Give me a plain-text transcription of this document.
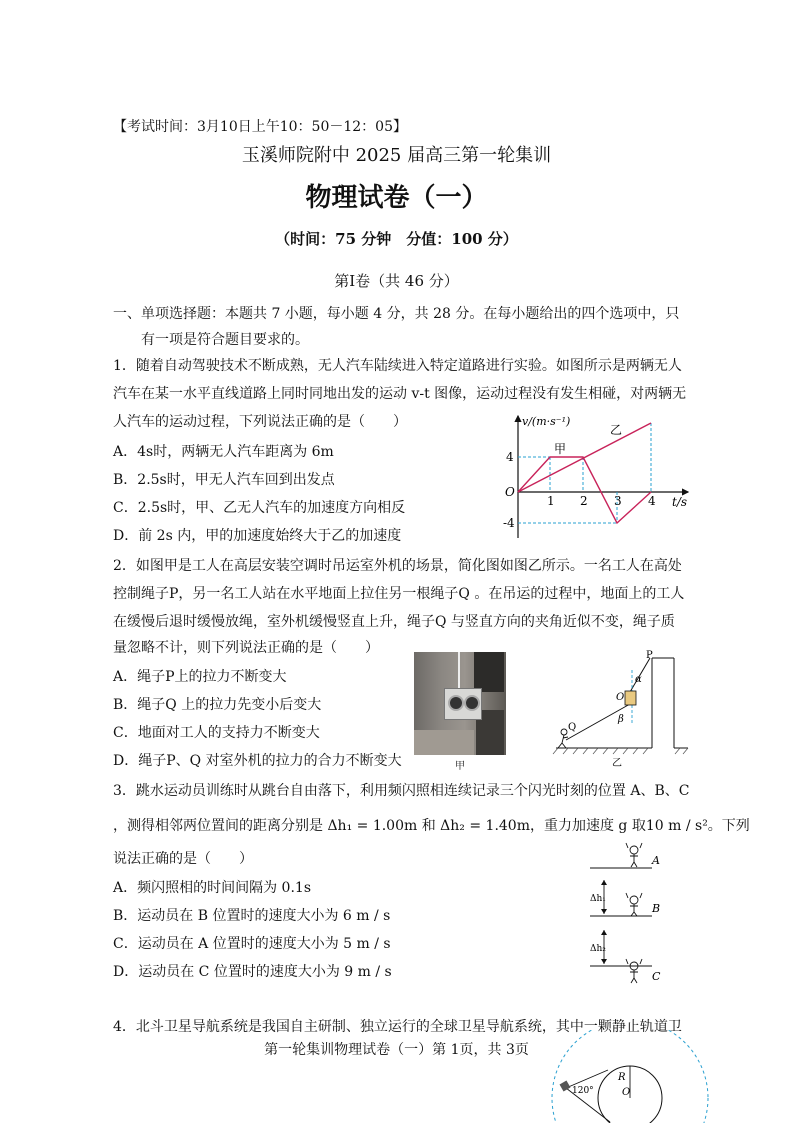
【考试时间：3月10日上午10：50－12：05】
玉溪师院附中 2025 届高三第一轮集训
物理试卷（一）
（时间：75 分钟　分值：100 分）
第Ⅰ卷（共 46 分）
一、单项选择题：本题共 7 小题，每小题 4 分，共 28 分。在每小题给出的四个选项中，只
有一项是符合题目要求的。
1．随着自动驾驶技术不断成熟，无人汽车陆续进入特定道路进行实验。如图所示是两辆无人
汽车在某一水平直线道路上同时同地出发的运动 v-t 图像，运动过程没有发生相碰，对两辆无
人汽车的运动过程，下列说法正确的是（　　）
A．4s时，两辆无人汽车距离为 6m
B．2.5s时，甲无人汽车回到出发点
C．2.5s时，甲、乙无人汽车的加速度方向相反
D．前 2s 内，甲的加速度始终大于乙的加速度
v/(m·s⁻¹)
t/s
O
4
-4
1 2 3 4
甲
乙
2．如图甲是工人在高层安装空调时吊运室外机的场景，简化图如图乙所示。一名工人在高处
控制绳子P，另一名工人站在水平地面上拉住另一根绳子Q 。在吊运的过程中，地面上的工人
在缓慢后退时缓慢放绳，室外机缓慢竖直上升，绳子Q 与竖直方向的夹角近似不变，绳子质
量忽略不计，则下列说法正确的是（　　）
A．绳子P上的拉力不断变大
B．绳子Q 上的拉力先变小后变大
C．地面对工人的支持力不断变大
D．绳子P、Q 对室外机的拉力的合力不断变大	甲
P
Q
O
α
β
乙
3．跳水运动员训练时从跳台自由落下，利用频闪照相连续记录三个闪光时刻的位置 A、B、C
，测得相邻两位置间的距离分别是 Δh₁ = 1.00m 和 Δh₂ = 1.40m，重力加速度 g 取10 m / s²。下列
说法正确的是（　　）
A．频闪照相的时间间隔为 0.1s
B．运动员在 B 位置时的速度大小为 6 m / s
C．运动员在 A 位置时的速度大小为 5 m / s
D．运动员在 C 位置时的速度大小为 9 m / s
A
B
C
Δh₁
Δh₂
4．北斗卫星导航系统是我国自主研制、独立运行的全球卫星导航系统，其中一颗静止轨道卫
第一轮集训物理试卷（一）第 1页，共 3页
R
O
120°
